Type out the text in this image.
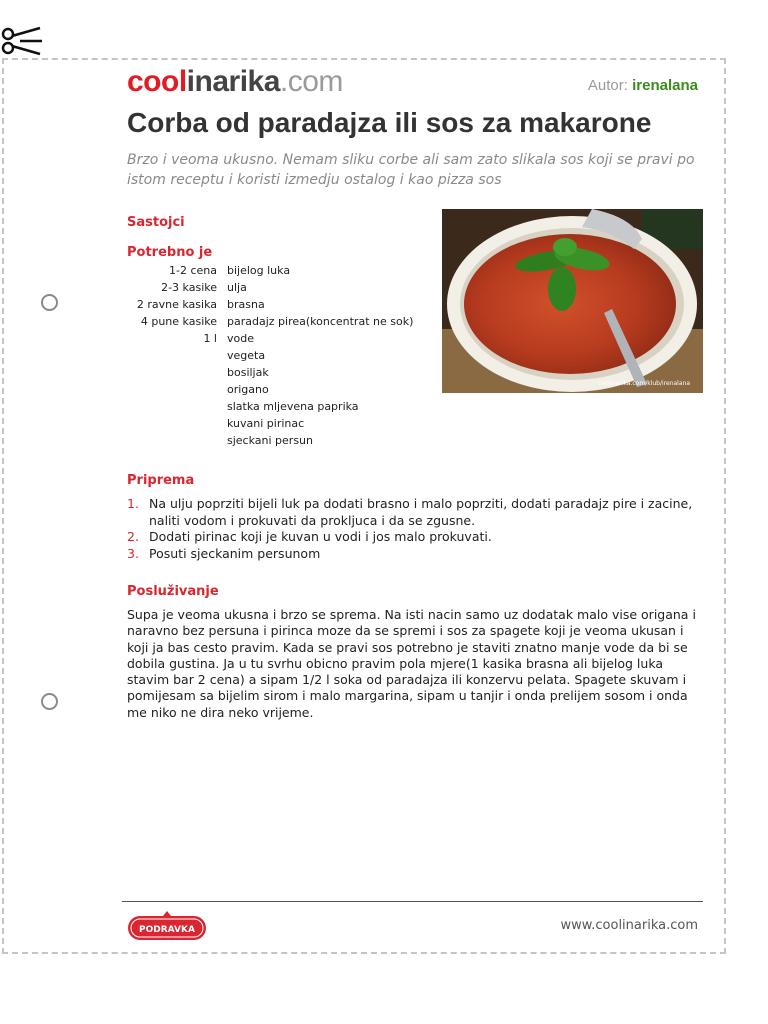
coolinarika.com	Autor: irenalana
Corba od paradajza ili sos za makarone

Brzo i veoma ukusno. Nemam sliku corbe ali sam zato slikala sos koji se pravi po istom receptu i koristi izmedju ostalog i kao pizza sos

Sastojci
Potrebno je
1-2 cena bijelog luka
2-3 kasike ulja
2 ravne kasika brasna
4 pune kasike paradajz pirea(koncentrat ne sok)
1 l vode
vegeta
bosiljak
origano
slatka mljevena paprika
kuvani pirinac
sjeckani persun
coolinarika.com/klub/irenalana
Priprema
1. Na ulju poprziti bijeli luk pa dodati brasno i malo poprziti, dodati paradajz pire i zacine, naliti vodom i prokuvati da prokljuca i da se zgusne.
2. Dodati pirinac koji je kuvan u vodi i jos malo prokuvati.
3. Posuti sjeckanim persunom
Posluživanje

Supa je veoma ukusna i brzo se sprema. Na isti nacin samo uz dodatak malo vise origana i naravno bez persuna i pirinca moze da se spremi i sos za spagete koji je veoma ukusan i koji ja bas cesto pravim. Kada se pravi sos potrebno je staviti znatno manje vode da bi se dobila gustina. Ja u tu svrhu obicno pravim pola mjere(1 kasika brasna ali bijelog luka stavim bar 2 cena) a sipam 1/2 l soka od paradajza ili konzervu pelata. Spagete skuvam i pomijesam sa bijelim sirom i malo margarina, sipam u tanjir i onda prelijem sosom i onda me niko ne dira neko vrijeme.

PODRAVKA	www.coolinarika.com
